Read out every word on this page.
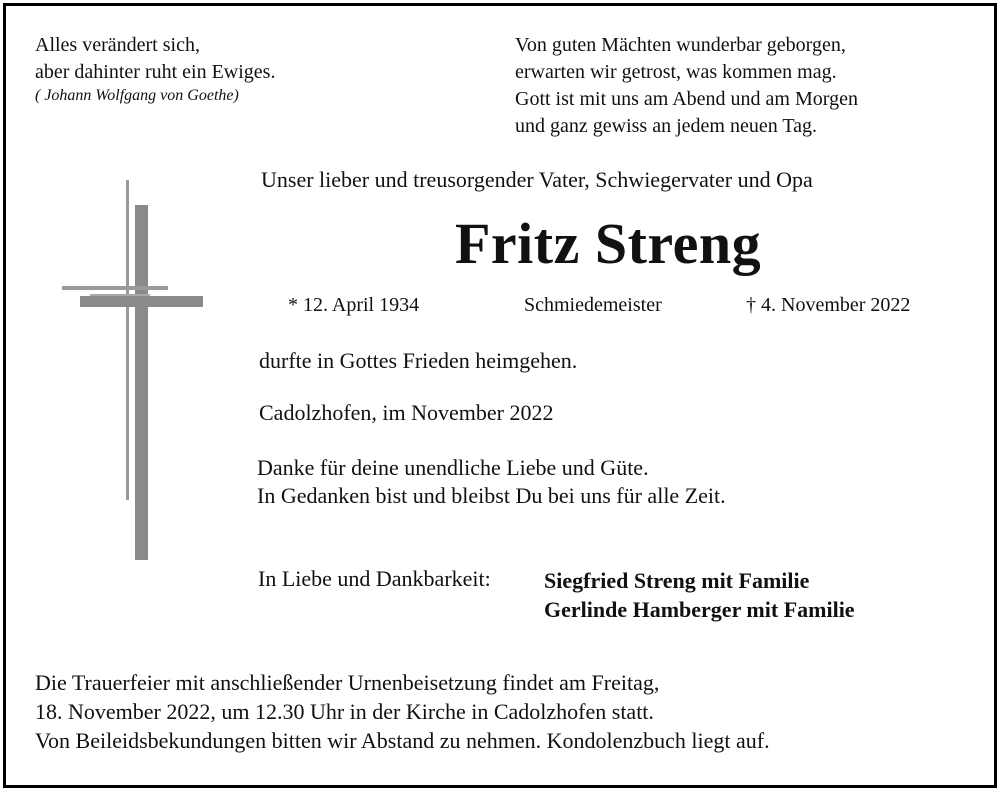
Alles verändert sich,
aber dahinter ruht ein Ewiges.
( Johann Wolfgang von Goethe)
Von guten Mächten wunderbar geborgen,
erwarten wir getrost, was kommen mag.
Gott ist mit uns am Abend und am Morgen
und ganz gewiss an jedem neuen Tag.
Unser lieber und treusorgender Vater, Schwiegervater und Opa
Fritz Streng
* 12. April 1934	Schmiedemeister	† 4. November 2022
durfte in Gottes Frieden heimgehen.
Cadolzhofen, im November 2022
Danke für deine unendliche Liebe und Güte.
In Gedanken bist und bleibst Du bei uns für alle Zeit.
In Liebe und Dankbarkeit: Siegfried Streng mit Familie
Gerlinde Hamberger mit Familie
Die Trauerfeier mit anschließender Urnenbeisetzung findet am Freitag,
18. November 2022, um 12.30 Uhr in der Kirche in Cadolzhofen statt.
Von Beileidsbekundungen bitten wir Abstand zu nehmen. Kondolenzbuch liegt auf.
